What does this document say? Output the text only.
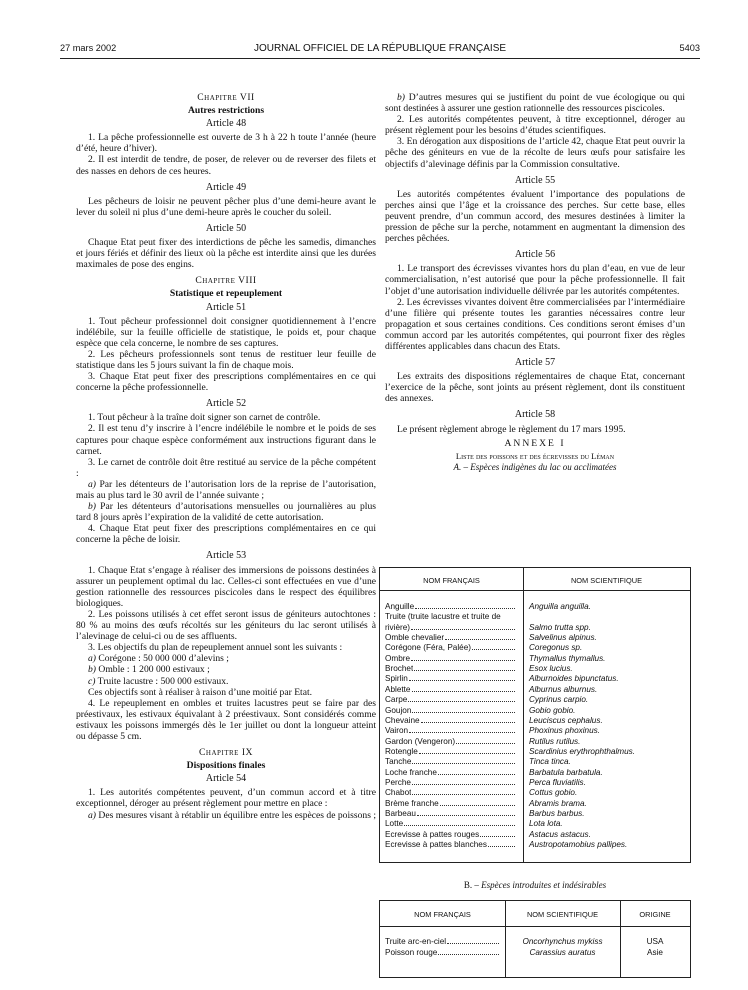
27 mars 2002	JOURNAL OFFICIEL DE LA RÉPUBLIQUE FRANÇAISE	5403
Chapitre VII
Autres restrictions
Article 48

1. La pêche professionnelle est ouverte de 3 h à 22 h toute l’année (heure d’été, heure d’hiver).

2. Il est interdit de tendre, de poser, de relever ou de reverser des filets et des nasses en dehors de ces heures.

Article 49

Les pêcheurs de loisir ne peuvent pêcher plus d’une demi-heure avant le lever du soleil ni plus d’une demi-heure après le coucher du soleil.

Article 50

Chaque Etat peut fixer des interdictions de pêche les samedis, dimanches et jours fériés et définir des lieux où la pêche est interdite ainsi que les durées maximales de pose des engins.

Chapitre VIII
Statistique et repeuplement
Article 51

1. Tout pêcheur professionnel doit consigner quotidiennement à l’encre indélébile, sur la feuille officielle de statistique, le poids et, pour chaque espèce que cela concerne, le nombre de ses captures.

2. Les pêcheurs professionnels sont tenus de restituer leur feuille de statistique dans les 5 jours suivant la fin de chaque mois.

3. Chaque Etat peut fixer des prescriptions complémentaires en ce qui concerne la pêche professionnelle.

Article 52

1. Tout pêcheur à la traîne doit signer son carnet de contrôle.

2. Il est tenu d’y inscrire à l’encre indélébile le nombre et le poids de ses captures pour chaque espèce conformément aux instructions figurant dans le carnet.

3. Le carnet de contrôle doit être restitué au service de la pêche compétent :

a) Par les détenteurs de l’autorisation lors de la reprise de l’autorisation, mais au plus tard le 30 avril de l’année suivante ;

b) Par les détenteurs d’autorisations mensuelles ou journalières au plus tard 8 jours après l’expiration de la validité de cette autorisation.

4. Chaque Etat peut fixer des prescriptions complémentaires en ce qui concerne la pêche de loisir.

Article 53

1. Chaque Etat s’engage à réaliser des immersions de poissons destinées à assurer un peuplement optimal du lac. Celles-ci sont effectuées en vue d’une gestion rationnelle des ressources piscicoles dans le respect des équilibres biologiques.

2. Les poissons utilisés à cet effet seront issus de géniteurs autochtones : 80 % au moins des œufs récoltés sur les géniteurs du lac seront utilisés à l’alevinage de celui-ci ou de ses affluents.

3. Les objectifs du plan de repeuplement annuel sont les suivants :

a) Corégone : 50 000 000 d’alevins ;

b) Omble : 1 200 000 estivaux ;

c) Truite lacustre : 500 000 estivaux.

Ces objectifs sont à réaliser à raison d’une moitié par Etat.

4. Le repeuplement en ombles et truites lacustres peut se faire par des préestivaux, les estivaux équivalant à 2 préestivaux. Sont considérés comme estivaux les poissons immergés dès le 1er juillet ou dont la longueur atteint ou dépasse 5 cm.

Chapitre IX
Dispositions finales
Article 54

1. Les autorités compétentes peuvent, d’un commun accord et à titre exceptionnel, déroger au présent règlement pour mettre en place :

a) Des mesures visant à rétablir un équilibre entre les espèces de poissons ;

b) D’autres mesures qui se justifient du point de vue écologique ou qui sont destinées à assurer une gestion rationnelle des ressources piscicoles.

2. Les autorités compétentes peuvent, à titre exceptionnel, déroger au présent règlement pour les besoins d’études scientifiques.

3. En dérogation aux dispositions de l’article 42, chaque Etat peut ouvrir la pêche des géniteurs en vue de la récolte de leurs œufs pour satisfaire les objectifs d’alevinage définis par la Commission consultative.

Article 55

Les autorités compétentes évaluent l’importance des populations de perches ainsi que l’âge et la croissance des perches. Sur cette base, elles peuvent prendre, d’un commun accord, des mesures destinées à limiter la pression de pêche sur la perche, notamment en augmentant la dimension des perches pêchées.

Article 56

1. Le transport des écrevisses vivantes hors du plan d’eau, en vue de leur commercialisation, n’est autorisé que pour la pêche professionnelle. Il fait l’objet d’une autorisation individuelle délivrée par les autorités compétentes.

2. Les écrevisses vivantes doivent être commercialisées par l’intermédiaire d’une filière qui présente toutes les garanties nécessaires contre leur propagation et sous certaines conditions. Ces conditions seront émises d’un commun accord par les autorités compétentes, qui pourront fixer des règles différentes applicables dans chacun des Etats.

Article 57

Les extraits des dispositions réglementaires de chaque Etat, concernant l’exercice de la pêche, sont joints au présent règlement, dont ils constituent des annexes.

Article 58

Le présent règlement abroge le règlement du 17 mars 1995.

ANNEXE I
Liste des poissons et des écrevisses du Léman
A. – Espèces indigènes du lac ou acclimatées
NOM FRANÇAIS	NOM SCIENTIFIQUE
Anguille	Anguilla anguilla.
Truite (truite lacustre et truite de
rivière)	Salmo trutta spp.
Omble chevalier	Salvelinus alpinus.
Corégone (Féra, Palée)	Coregonus sp.
Ombre	Thymallus thymallus.
Brochet	Esox lucius.
Spirlin	Alburnoides bipunctatus.
Ablette	Alburnus alburnus.
Carpe	Cyprinus carpio.
Goujon	Gobio gobio.
Chevaine	Leuciscus cephalus.
Vairon	Phoxinus phoxinus.
Gardon (Vengeron)	Rutilus rutilus.
Rotengle	Scardinius erythrophthalmus.
Tanche	Tinca tinca.
Loche franche	Barbatula barbatula.
Perche	Perca fluviatilis.
Chabot	Cottus gobio.
Brème franche	Abramis brama.
Barbeau	Barbus barbus.
Lotte	Lota lota.
Ecrevisse à pattes rouges	Astacus astacus.
Ecrevisse à pattes blanches	Austropotamobius pallipes.
B. – Espèces introduites et indésirables
NOM FRANÇAIS	NOM SCIENTIFIQUE	ORIGINE
Truite arc-en-ciel	Oncorhynchus mykiss	USA
Poisson rouge	Carassius auratus	Asie
